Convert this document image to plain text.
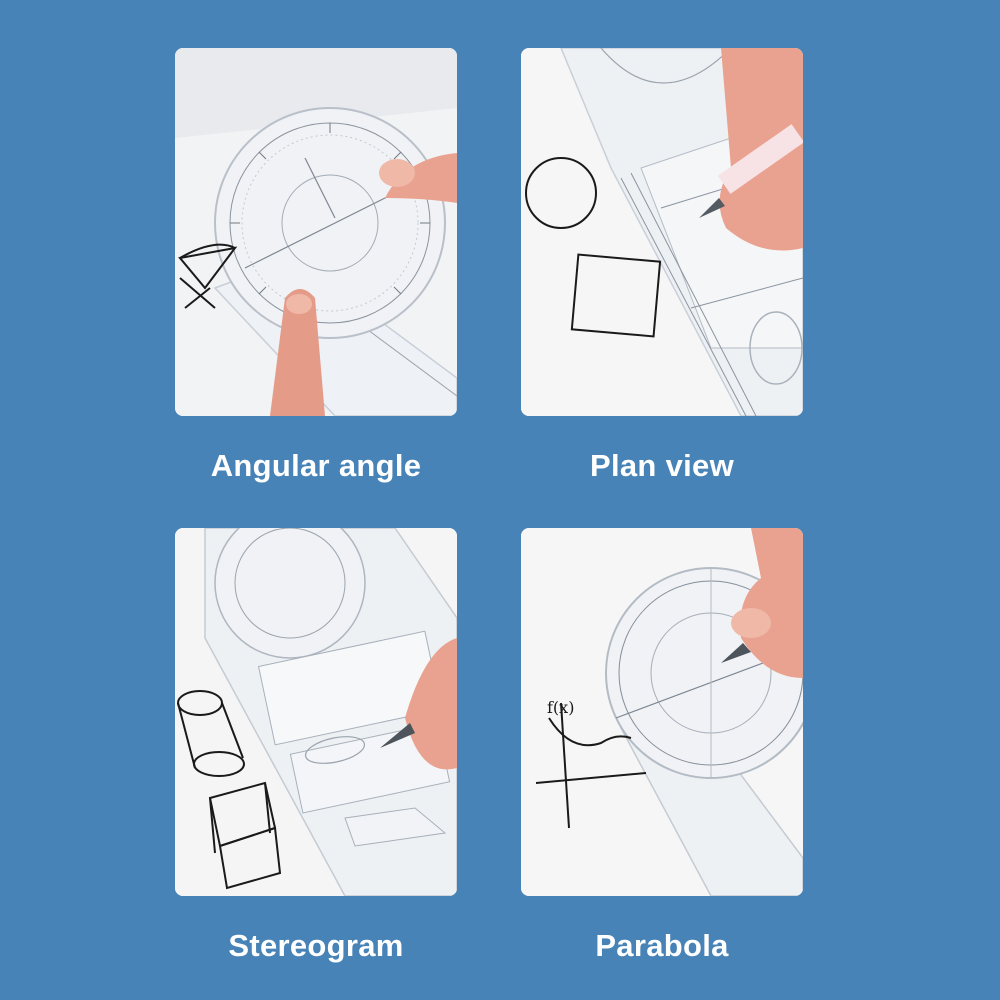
f(x)
Angular angle	Plan view
Stereogram	Parabola
